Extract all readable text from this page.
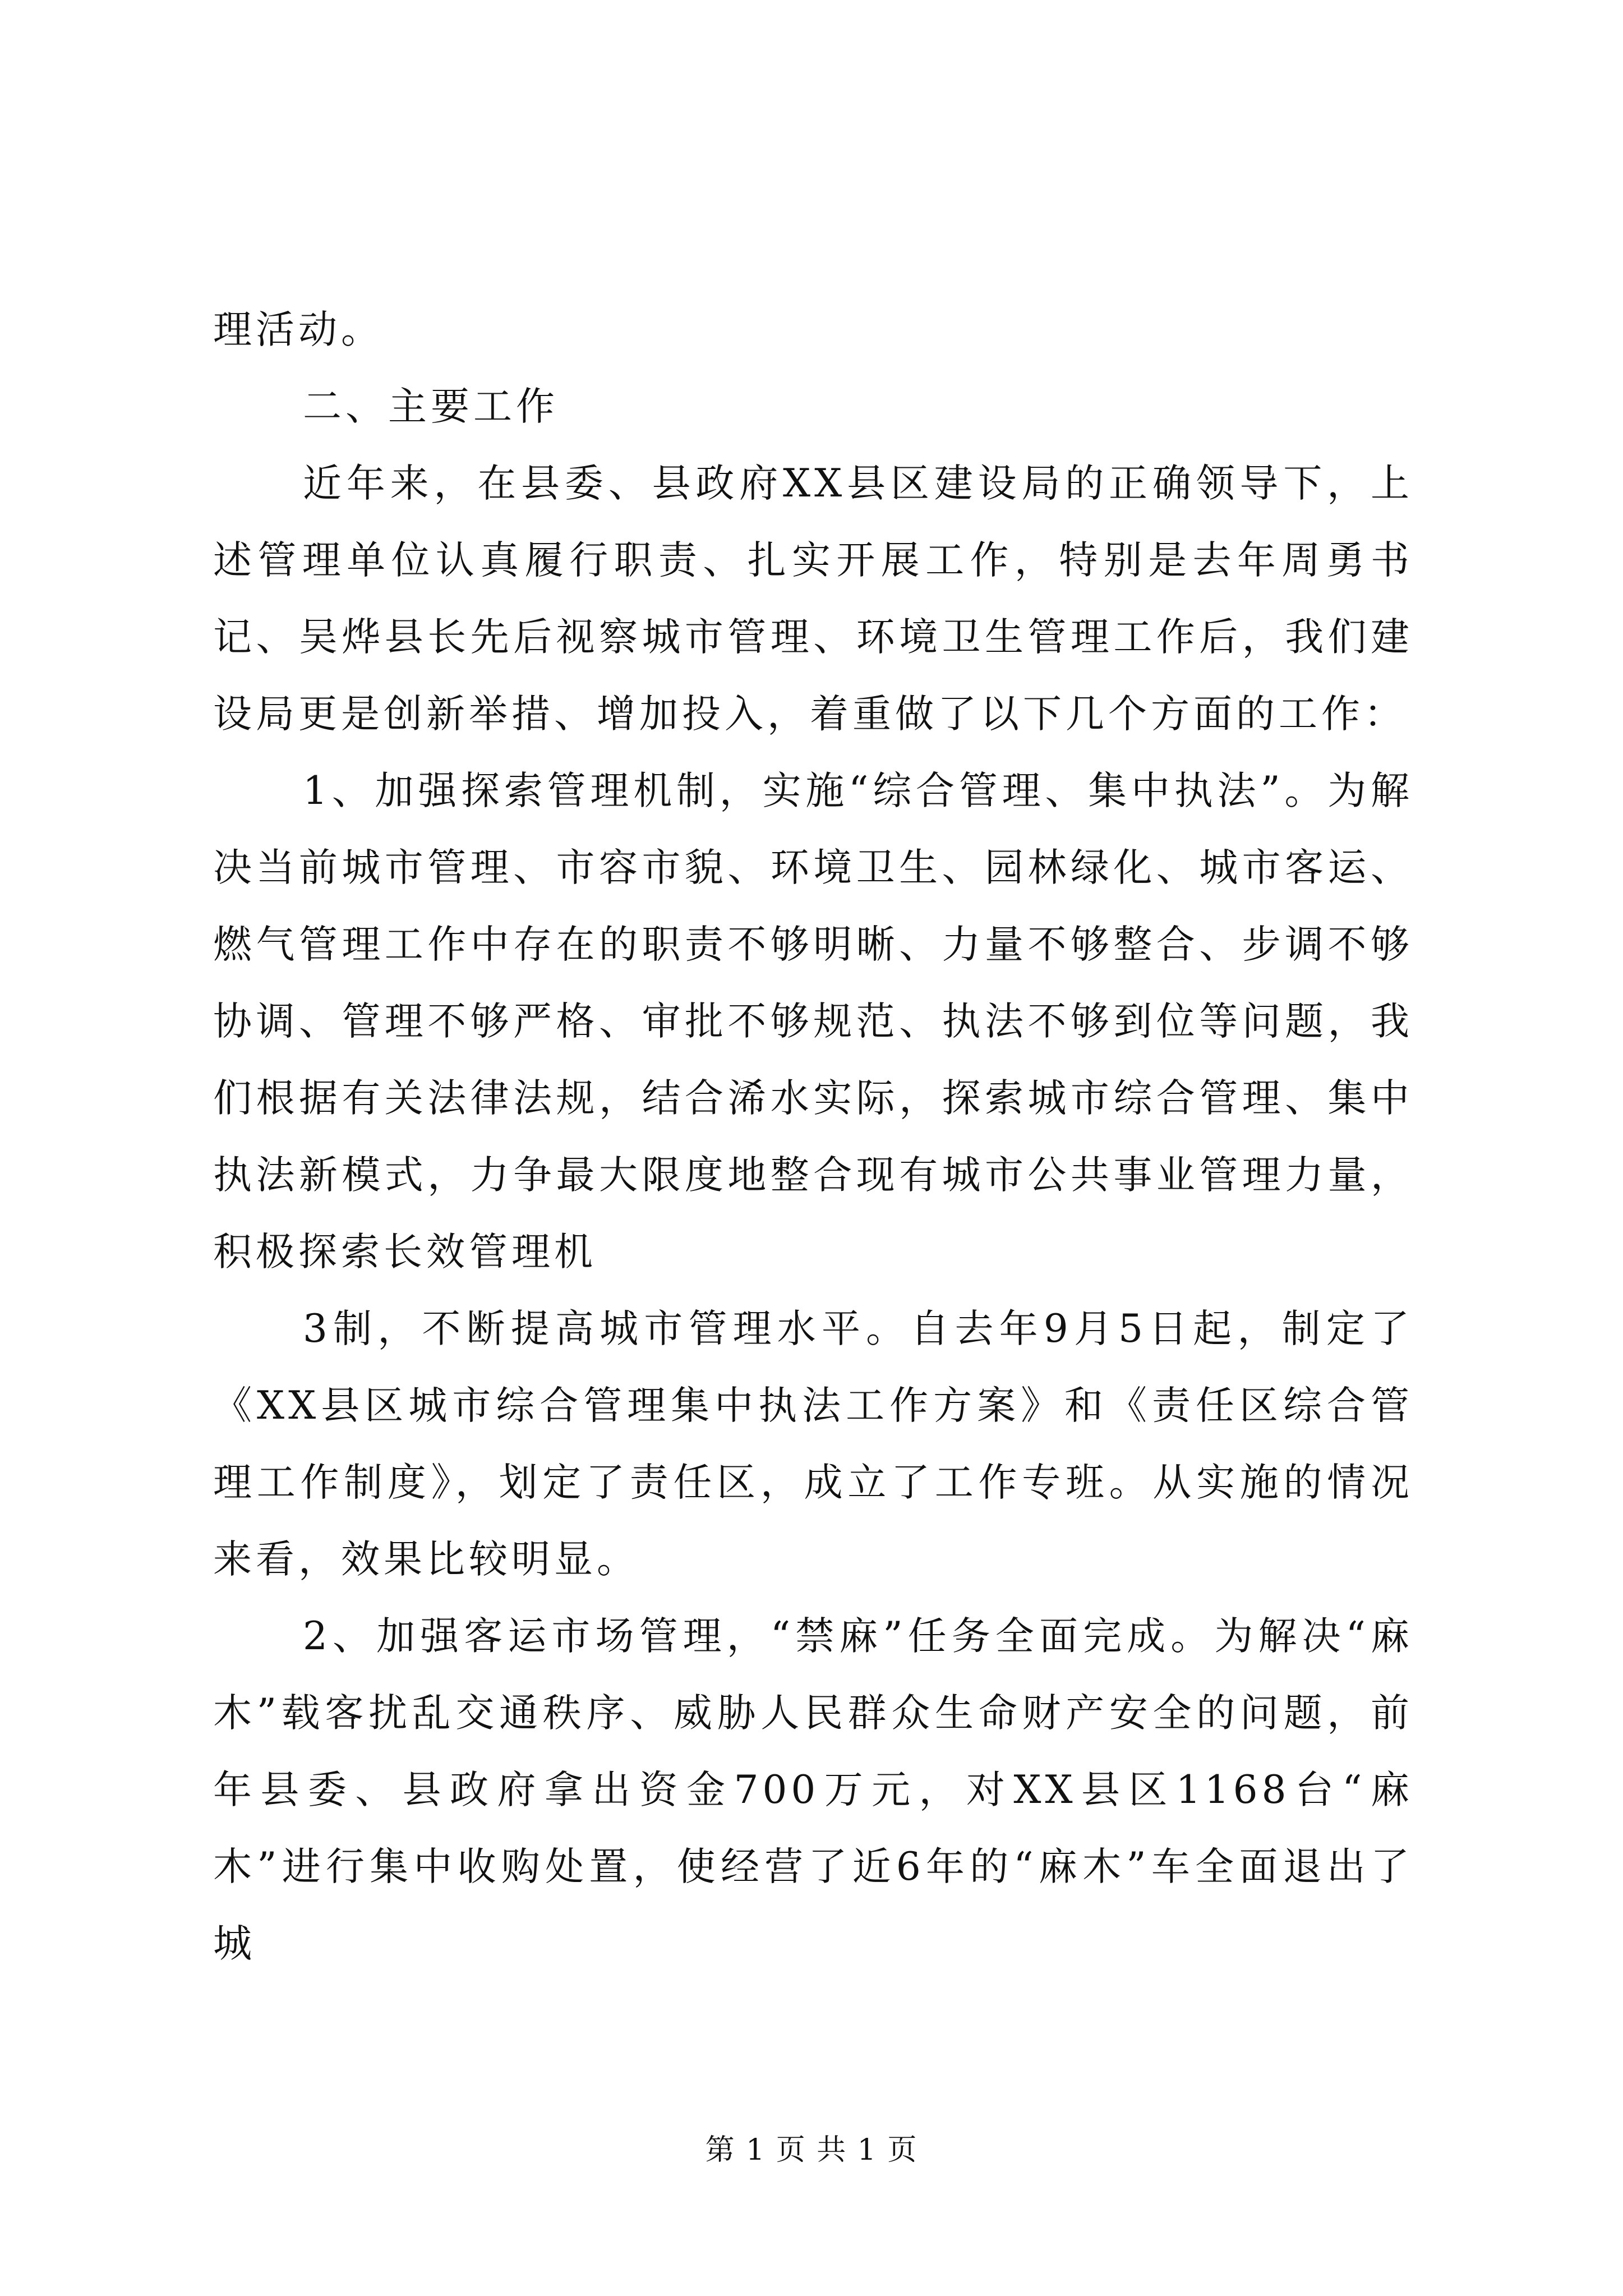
理活动。

二、主要工作

近年来，在县委、县政府XX县区建设局的正确领导下，上述管理单位认真履行职责、扎实开展工作，特别是去年周勇书记、吴烨县长先后视察城市管理、环境卫生管理工作后，我们建设局更是创新举措、增加投入，着重做了以下几个方面的工作：

1、加强探索管理机制，实施“综合管理、集中执法”。为解决当前城市管理、市容市貌、环境卫生、园林绿化、城市客运、燃气管理工作中存在的职责不够明晰、力量不够整合、步调不够协调、管理不够严格、审批不够规范、执法不够到位等问题，我们根据有关法律法规，结合浠水实际，探索城市综合管理、集中执法新模式，力争最大限度地整合现有城市公共事业管理力量，积极探索长效管理机

3制，不断提高城市管理水平。自去年9月5日起，制定了《XX县区城市综合管理集中执法工作方案》和《责任区综合管理工作制度》，划定了责任区，成立了工作专班。从实施的情况来看，效果比较明显。

2、加强客运市场管理，“禁麻”任务全面完成。为解决“麻木”载客扰乱交通秩序、威胁人民群众生命财产安全的问题，前年县委、县政府拿出资金700万元，对XX县区1168台“麻木”进行集中收购处置，使经营了近6年的“麻木”车全面退出了城

第 1 页 共 1 页
